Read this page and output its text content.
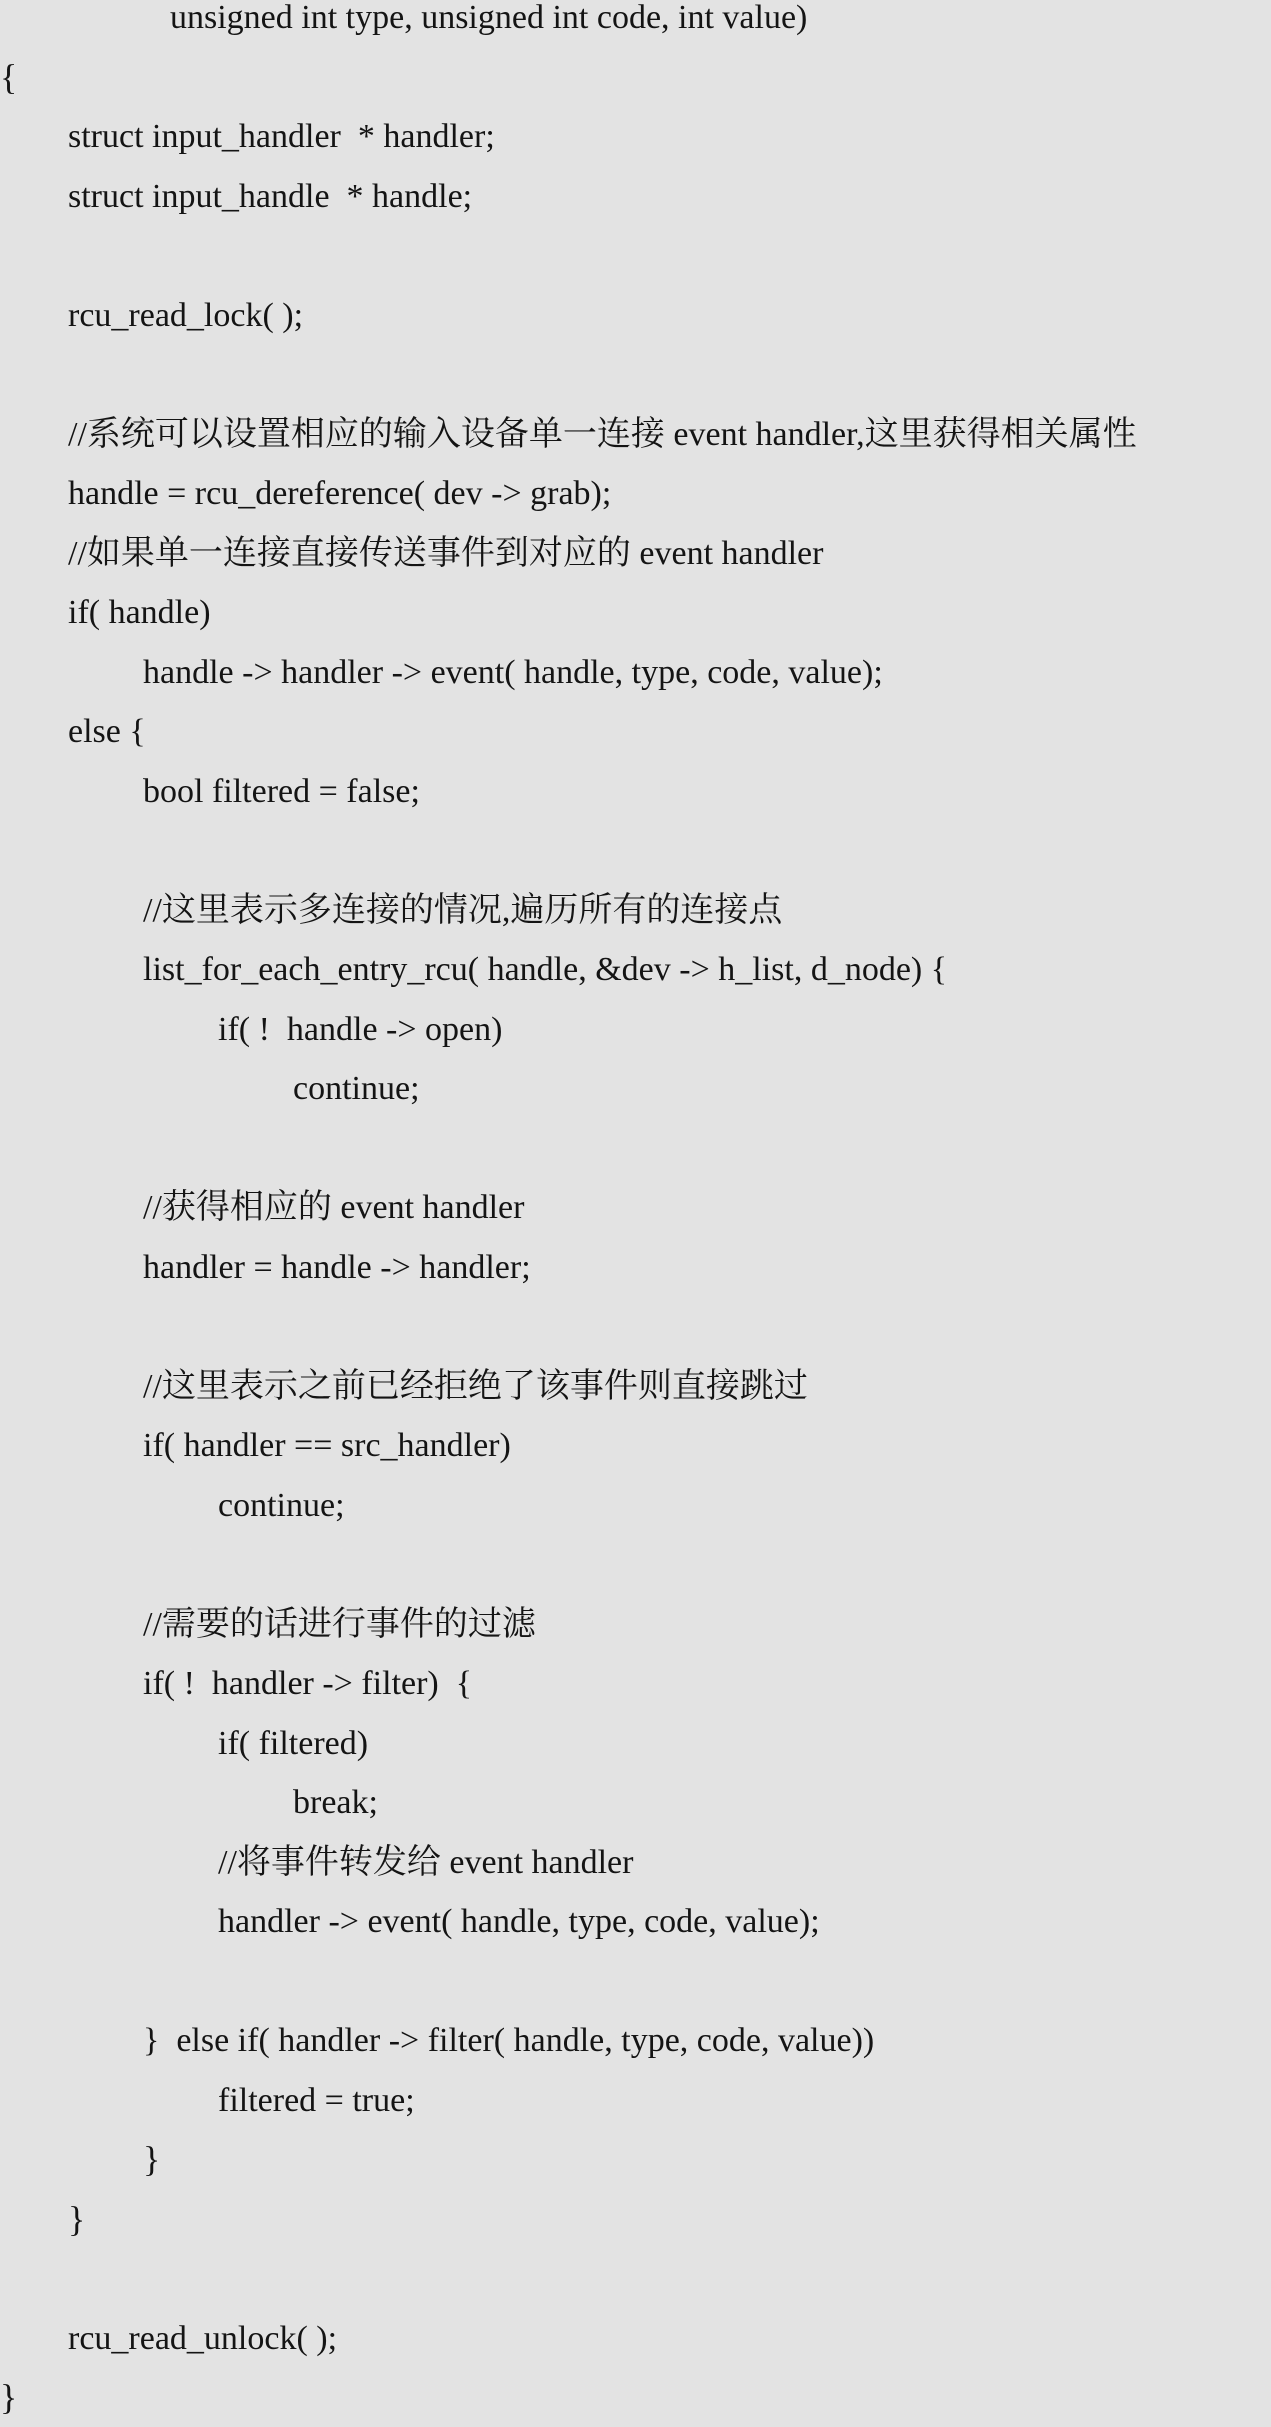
unsigned int type, unsigned int code, int value)
{
struct input_handler  * handler;
struct input_handle  * handle;
rcu_read_lock( );
//系统可以设置相应的输入设备单一连接 event handler,这里获得相关属性
handle = rcu_dereference( dev -> grab);
//如果单一连接直接传送事件到对应的 event handler
if( handle)
handle -> handler -> event( handle, type, code, value);
else {
bool filtered = false;
//这里表示多连接的情况,遍历所有的连接点
list_for_each_entry_rcu( handle, &dev -> h_list, d_node) {
if( !  handle -> open)
continue;
//获得相应的 event handler
handler = handle -> handler;
//这里表示之前已经拒绝了该事件则直接跳过
if( handler == src_handler)
continue;
//需要的话进行事件的过滤
if( !  handler -> filter)  {
if( filtered)
break;
//将事件转发给 event handler
handler -> event( handle, type, code, value);
}  else if( handler -> filter( handle, type, code, value))
filtered = true;
}
}
rcu_read_unlock( );
}
